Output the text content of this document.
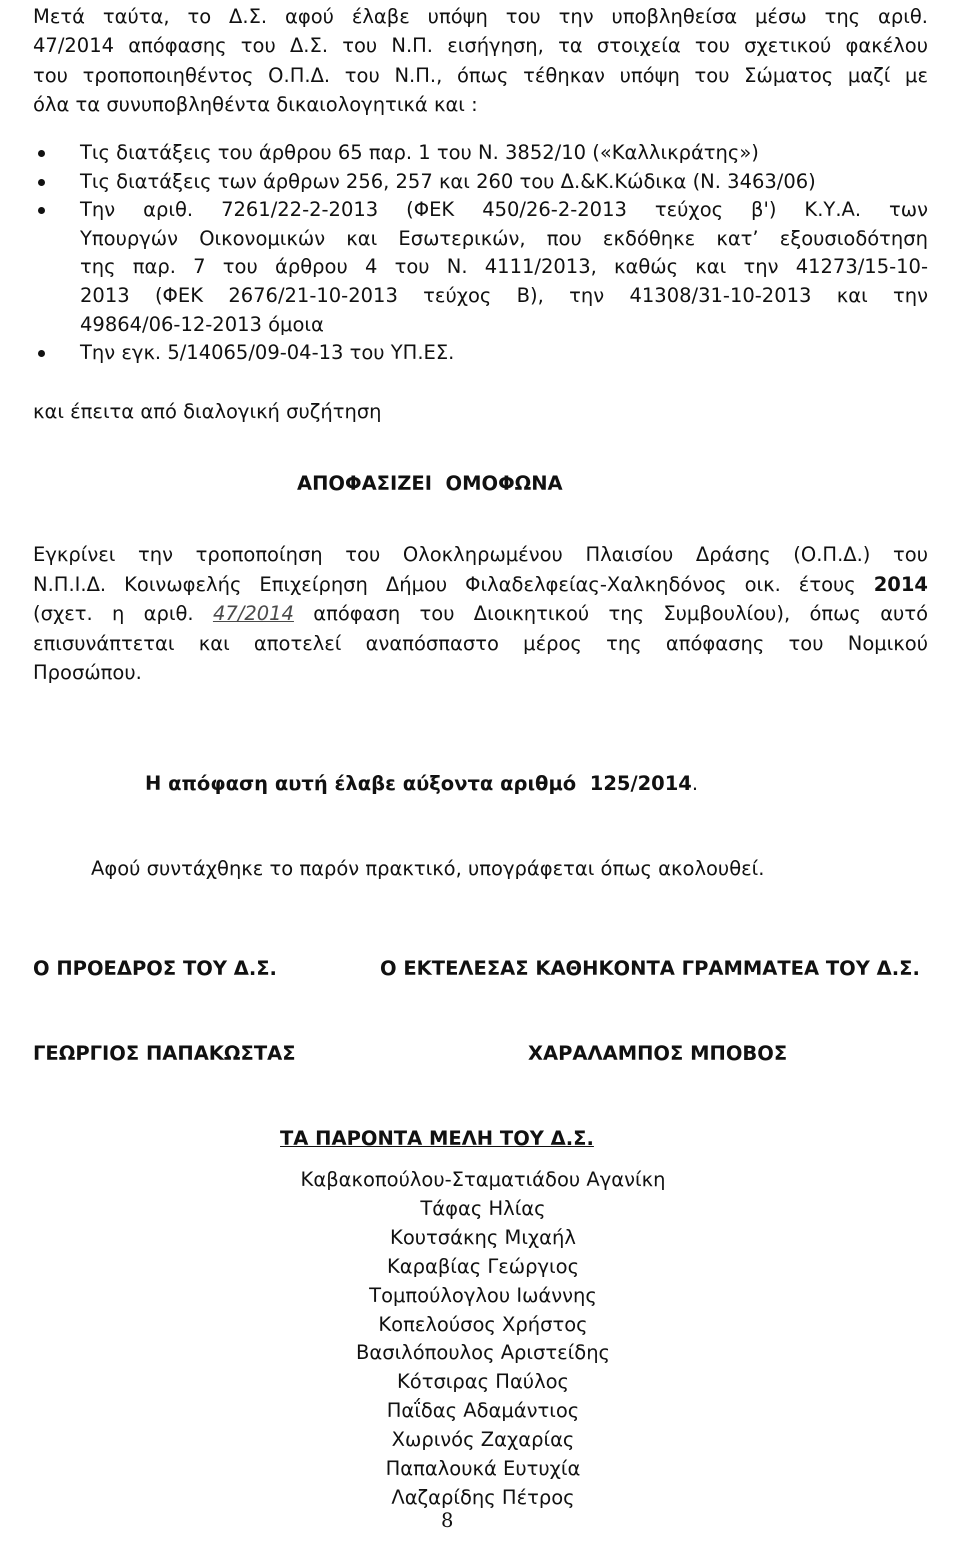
Μετά ταύτα, το Δ.Σ. αφού έλαβε υπόψη του την υποβληθείσα μέσω της αριθ.
47/2014 απόφασης του Δ.Σ. του Ν.Π. εισήγηση, τα στοιχεία του σχετικού φακέλου
του τροποποιηθέντος Ο.Π.Δ. του Ν.Π., όπως τέθηκαν υπόψη του Σώματος μαζί με
όλα τα συνυποβληθέντα δικαιολογητικά και :
Τις διατάξεις του άρθρου 65 παρ. 1 του Ν. 3852/10 («Καλλικράτης»)
Τις διατάξεις των άρθρων 256, 257 και 260 του Δ.&Κ.Κώδικα (Ν. 3463/06)
Την αριθ. 7261/22-2-2013 (ΦΕΚ 450/26-2-2013 τεύχος β') Κ.Υ.Α. των
Υπουργών Οικονομικών και Εσωτερικών, που εκδόθηκε κατ’ εξουσιοδότηση
της παρ. 7 του άρθρου 4 του Ν. 4111/2013, καθώς και την 41273/15-10-
2013 (ΦΕΚ 2676/21-10-2013 τεύχος Β), την 41308/31-10-2013 και την
49864/06-12-2013 όμοια
Την εγκ. 5/14065/09-04-13 του ΥΠ.ΕΣ.
και έπειτα από διαλογική συζήτηση
ΑΠΟΦΑΣΙΖΕΙ  ΟΜΟΦΩΝΑ
Εγκρίνει την τροποποίηση του Ολοκληρωμένου Πλαισίου Δράσης (Ο.Π.Δ.) του
Ν.Π.Ι.Δ. Κοινωφελής Επιχείρηση Δήμου Φιλαδελφείας-Χαλκηδόνος οικ. έτους 2014
(σχετ. η αριθ. 47/2014 απόφαση του Διοικητικού της Συμβουλίου), όπως αυτό
επισυνάπτεται και αποτελεί αναπόσπαστο μέρος της απόφασης του Νομικού
Προσώπου.
Η απόφαση αυτή έλαβε αύξοντα αριθμό  125/2014.
Αφού συντάχθηκε το παρόν πρακτικό, υπογράφεται όπως ακολουθεί.
Ο ΠΡΟΕΔΡΟΣ ΤΟΥ Δ.Σ.	Ο ΕΚΤΕΛΕΣΑΣ ΚΑΘΗΚΟΝΤΑ ΓΡΑΜΜΑΤΕΑ ΤΟΥ Δ.Σ.
ΓΕΩΡΓΙΟΣ ΠΑΠΑΚΩΣΤΑΣ	ΧΑΡΑΛΑΜΠΟΣ ΜΠΟΒΟΣ
ΤΑ ΠΑΡΟΝΤΑ ΜΕΛΗ ΤΟΥ Δ.Σ.
Καβακοπούλου-Σταματιάδου Αγανίκη
Τάφας Ηλίας
Κουτσάκης Μιχαήλ
Καραβίας Γεώργιος
Τομπούλογλου Ιωάννης
Κοπελούσος Χρήστος
Βασιλόπουλος Αριστείδης
Κότσιρας Παύλος
Παΐδας Αδαμάντιος
Χωρινός Ζαχαρίας
Παπαλουκά Ευτυχία
Λαζαρίδης Πέτρος
8
